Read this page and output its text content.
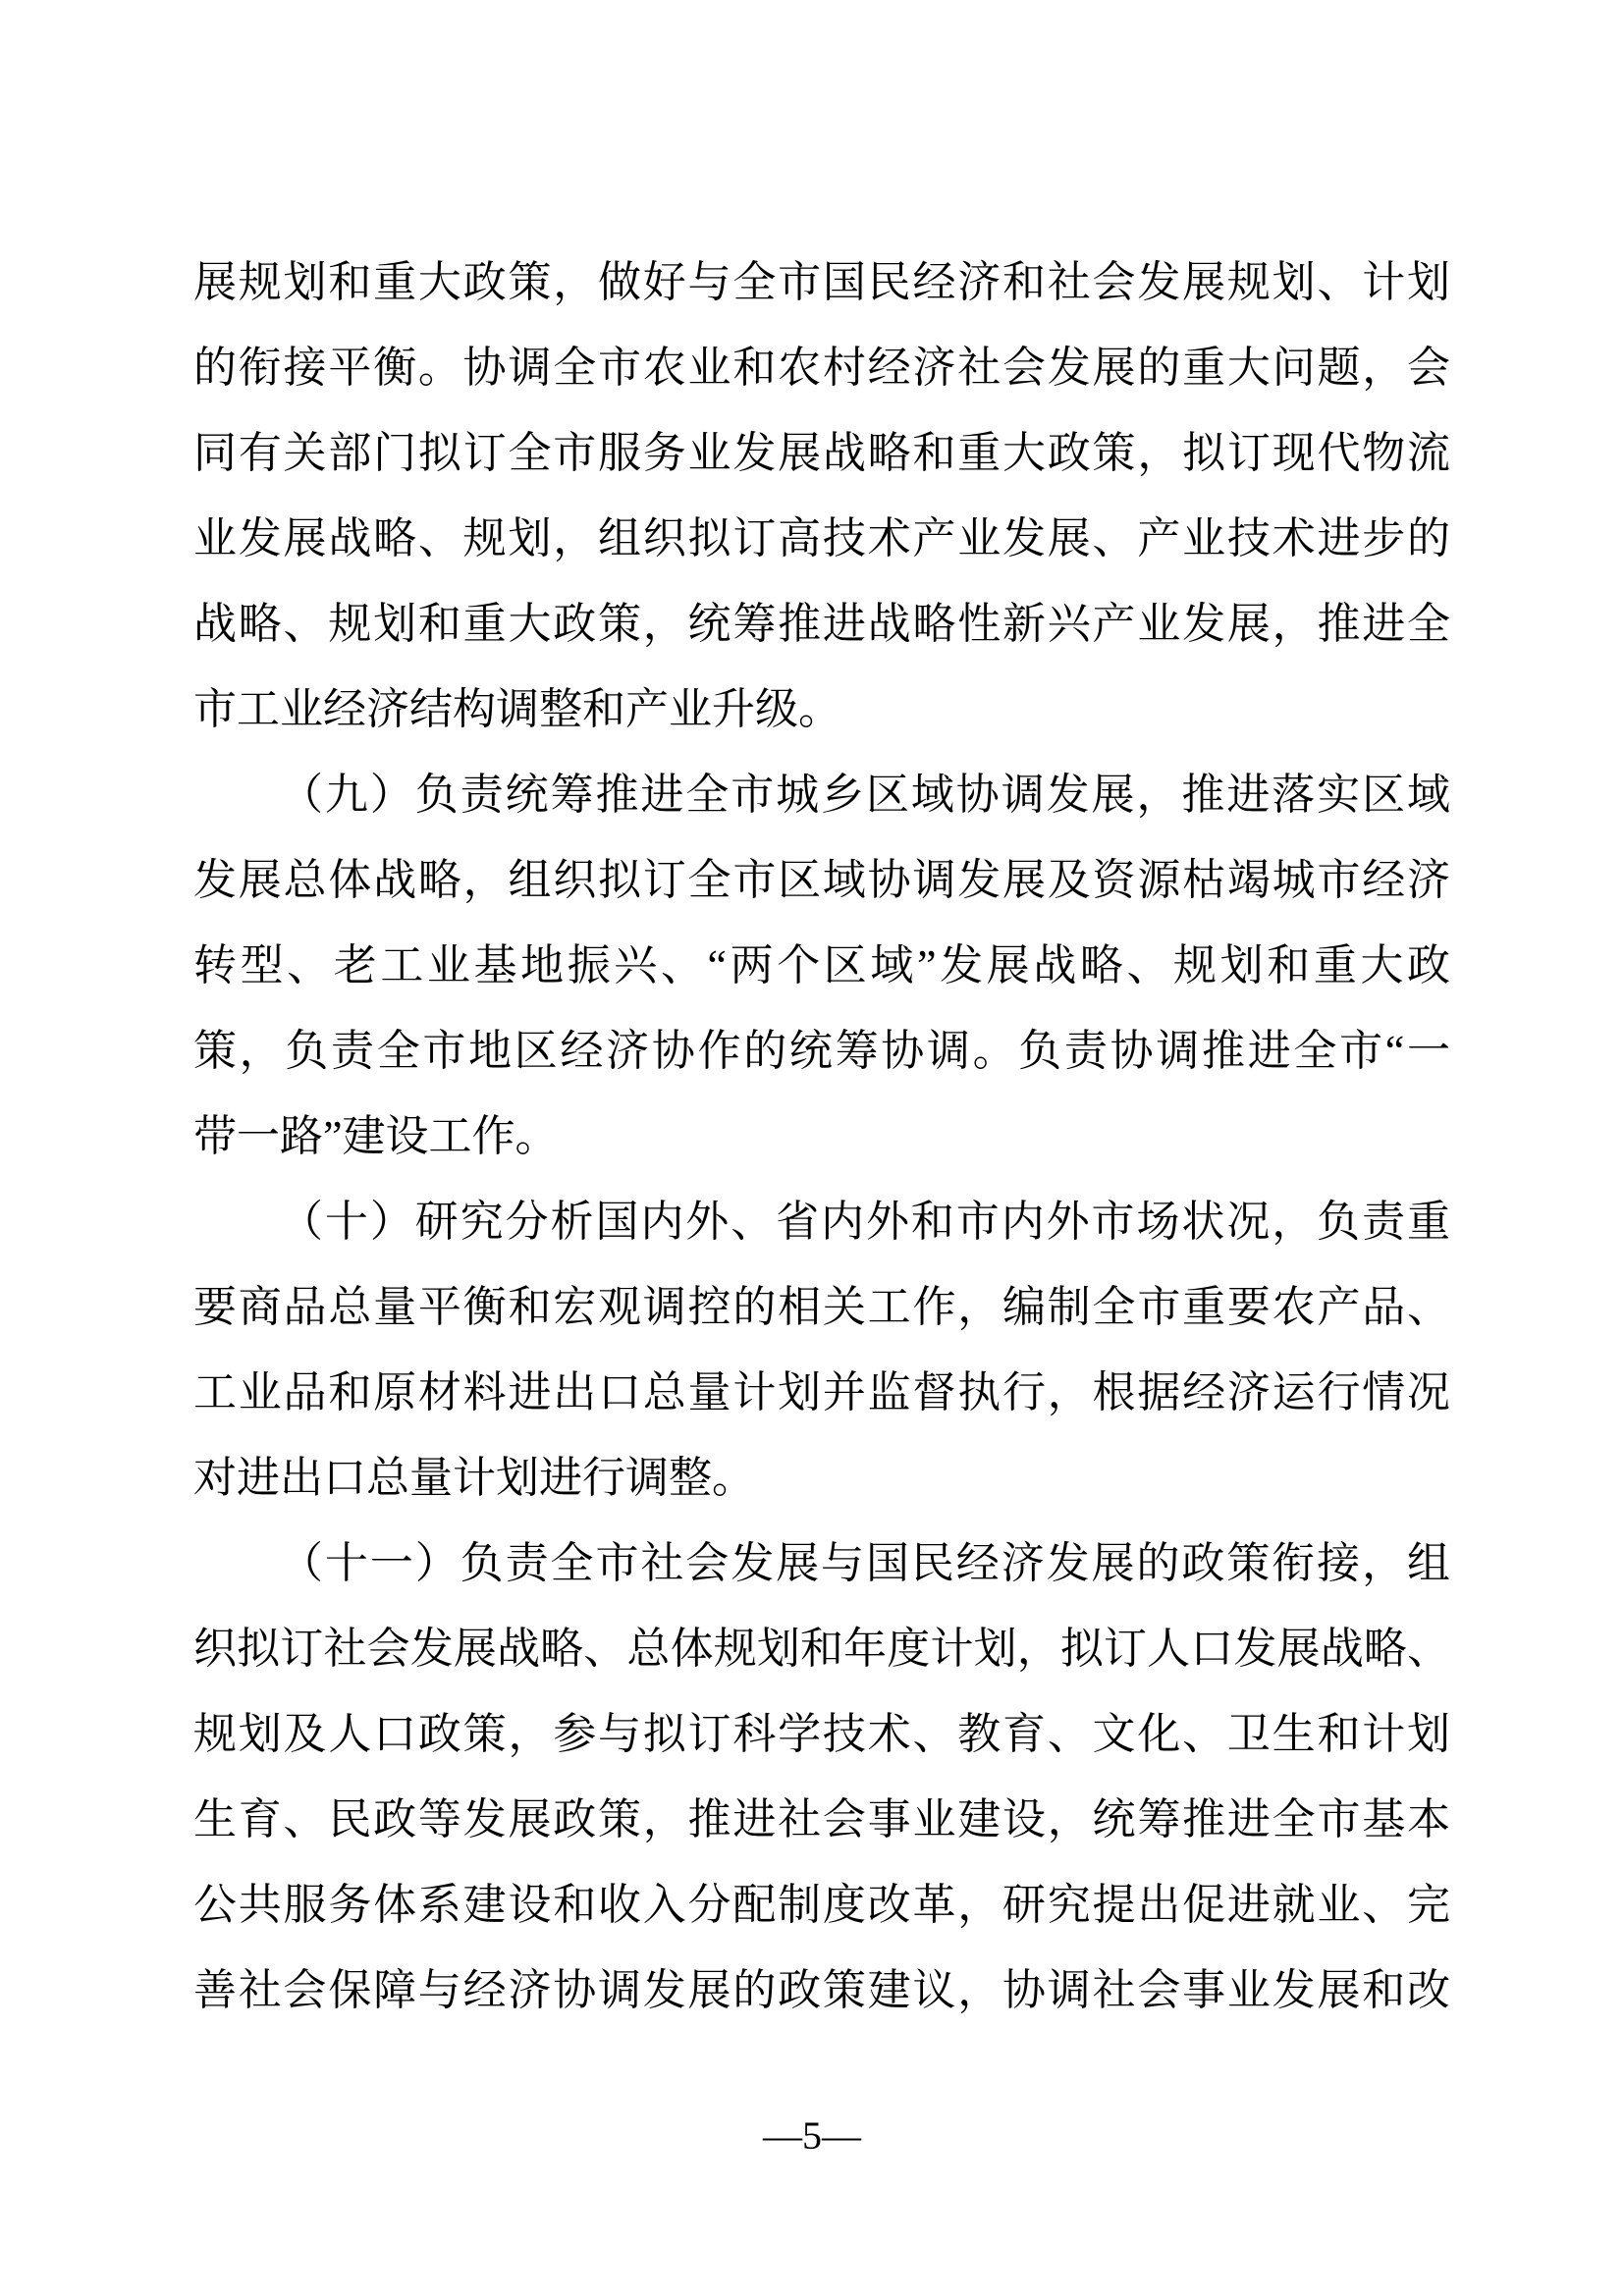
展规划和重大政策，做好与全市国民经济和社会发展规划、计划
的衔接平衡。协调全市农业和农村经济社会发展的重大问题，会
同有关部门拟订全市服务业发展战略和重大政策，拟订现代物流
业发展战略、规划，组织拟订高技术产业发展、产业技术进步的
战略、规划和重大政策，统筹推进战略性新兴产业发展，推进全
市工业经济结构调整和产业升级。
（九）负责统筹推进全市城乡区域协调发展，推进落实区域
发展总体战略，组织拟订全市区域协调发展及资源枯竭城市经济
转型、老工业基地振兴、“两个区域”发展战略、规划和重大政
策，负责全市地区经济协作的统筹协调。负责协调推进全市“一
带一路”建设工作。
（十）研究分析国内外、省内外和市内外市场状况，负责重
要商品总量平衡和宏观调控的相关工作，编制全市重要农产品、
工业品和原材料进出口总量计划并监督执行，根据经济运行情况
对进出口总量计划进行调整。
（十一）负责全市社会发展与国民经济发展的政策衔接，组
织拟订社会发展战略、总体规划和年度计划，拟订人口发展战略、
规划及人口政策，参与拟订科学技术、教育、文化、卫生和计划
生育、民政等发展政策，推进社会事业建设，统筹推进全市基本
公共服务体系建设和收入分配制度改革，研究提出促进就业、完
善社会保障与经济协调发展的政策建议，协调社会事业发展和改
—5—
